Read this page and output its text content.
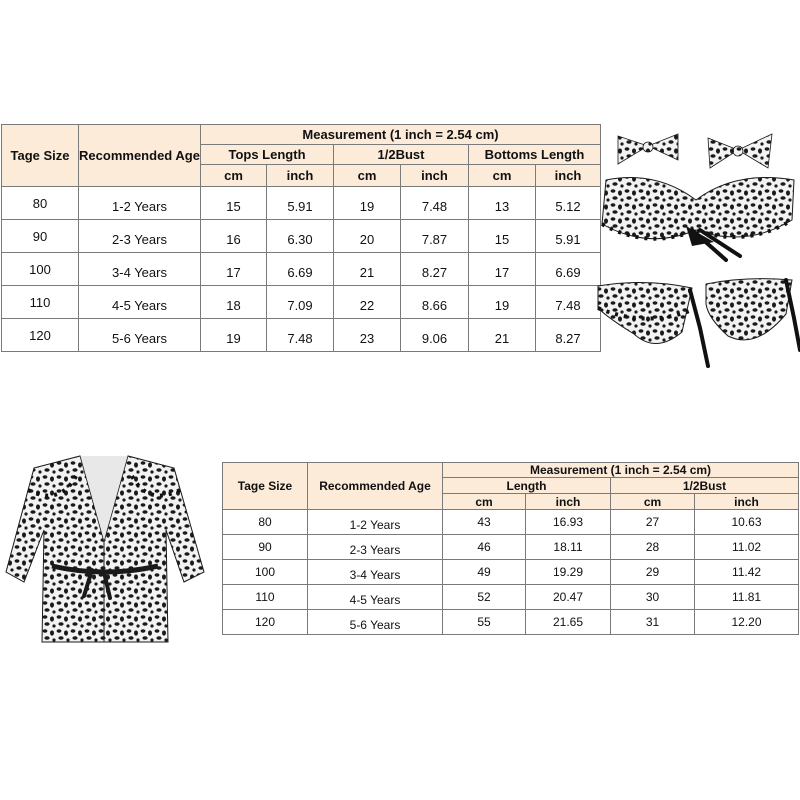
Tage Size	Recommended Age	Measurement (1 inch = 2.54 cm)					
		Tops Length		1/2Bust		Bottoms Length	
		cm	inch	cm	inch	cm	inch
80	1-2 Years	15	5.91	19	7.48	13	5.12
90	2-3 Years	16	6.30	20	7.87	15	5.91
100	3-4 Years	17	6.69	21	8.27	17	6.69
110	4-5 Years	18	7.09	22	8.66	19	7.48
120	5-6 Years	19	7.48	23	9.06	21	8.27
Tage Size	Recommended Age	Measurement (1 inch = 2.54 cm)			
		Length		1/2Bust	
		cm	inch	cm	inch
80	1-2 Years	43	16.93	27	10.63
90	2-3 Years	46	18.11	28	11.02
100	3-4 Years	49	19.29	29	11.42
110	4-5 Years	52	20.47	30	11.81
120	5-6 Years	55	21.65	31	12.20
